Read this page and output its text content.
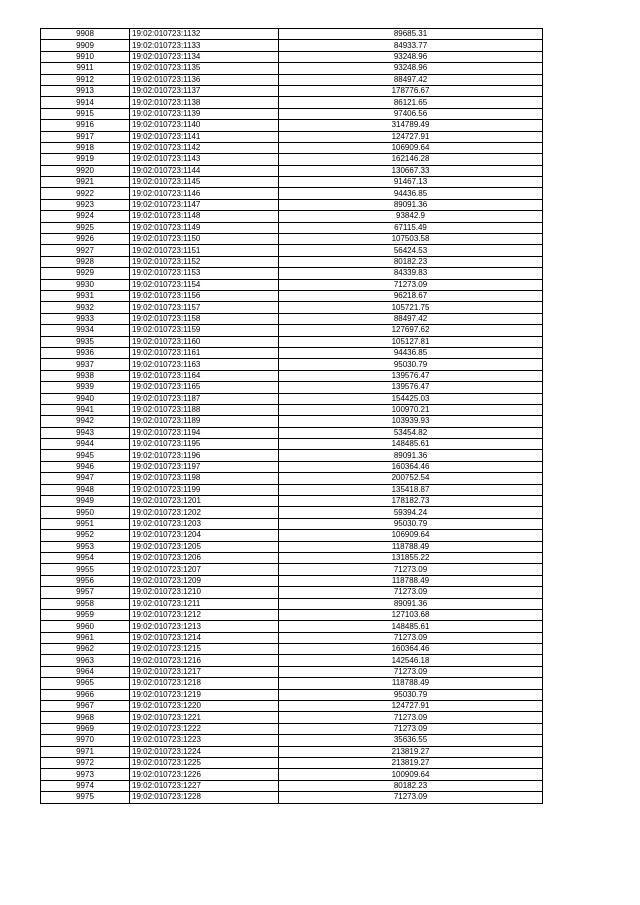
9908	19:02:010723:1132	89685.31
9909	19:02:010723:1133	84933.77
9910	19:02:010723:1134	93248.96
9911	19:02:010723:1135	93248.96
9912	19:02:010723:1136	88497.42
9913	19:02:010723:1137	178776.67
9914	19:02:010723:1138	86121.65
9915	19:02:010723:1139	97406.56
9916	19:02:010723:1140	314789.49
9917	19:02:010723:1141	124727.91
9918	19:02:010723:1142	106909.64
9919	19:02:010723:1143	162146.28
9920	19:02:010723:1144	130667.33
9921	19:02:010723:1145	91467.13
9922	19:02:010723:1146	94436.85
9923	19:02:010723:1147	89091.36
9924	19:02:010723:1148	93842.9
9925	19:02:010723:1149	67115.49
9926	19:02:010723:1150	107503.58
9927	19:02:010723:1151	56424.53
9928	19:02:010723:1152	80182.23
9929	19:02:010723:1153	84339.83
9930	19:02:010723:1154	71273.09
9931	19:02:010723:1156	96218.67
9932	19:02:010723:1157	105721.75
9933	19:02:010723:1158	88497.42
9934	19:02:010723:1159	127697.62
9935	19:02:010723:1160	105127.81
9936	19:02:010723:1161	94436.85
9937	19:02:010723:1163	95030.79
9938	19:02:010723:1164	139576.47
9939	19:02:010723:1165	139576.47
9940	19:02:010723:1187	154425.03
9941	19:02:010723:1188	100970.21
9942	19:02:010723:1189	103939.93
9943	19:02:010723:1194	53454.82
9944	19:02:010723:1195	148485.61
9945	19:02:010723:1196	89091.36
9946	19:02:010723:1197	160364.46
9947	19:02:010723:1198	200752.54
9948	19:02:010723:1199	135418.87
9949	19:02:010723:1201	178182.73
9950	19:02:010723:1202	59394.24
9951	19:02:010723:1203	95030.79
9952	19:02:010723:1204	106909.64
9953	19:02:010723:1205	118788.49
9954	19:02:010723:1206	131855.22
9955	19:02:010723:1207	71273.09
9956	19:02:010723:1209	118788.49
9957	19:02:010723:1210	71273.09
9958	19:02:010723:1211	89091.36
9959	19:02:010723:1212	127103.68
9960	19:02:010723:1213	148485.61
9961	19:02:010723:1214	71273.09
9962	19:02:010723:1215	160364.46
9963	19:02:010723:1216	142546.18
9964	19:02:010723:1217	71273.09
9965	19:02:010723:1218	118788.49
9966	19:02:010723:1219	95030.79
9967	19:02:010723:1220	124727.91
9968	19:02:010723:1221	71273.09
9969	19:02:010723:1222	71273.09
9970	19:02:010723:1223	35636.55
9971	19:02:010723:1224	213819.27
9972	19:02:010723:1225	213819.27
9973	19:02:010723:1226	100909.64
9974	19:02:010723:1227	80182.23
9975	19:02:010723:1228	71273.09
